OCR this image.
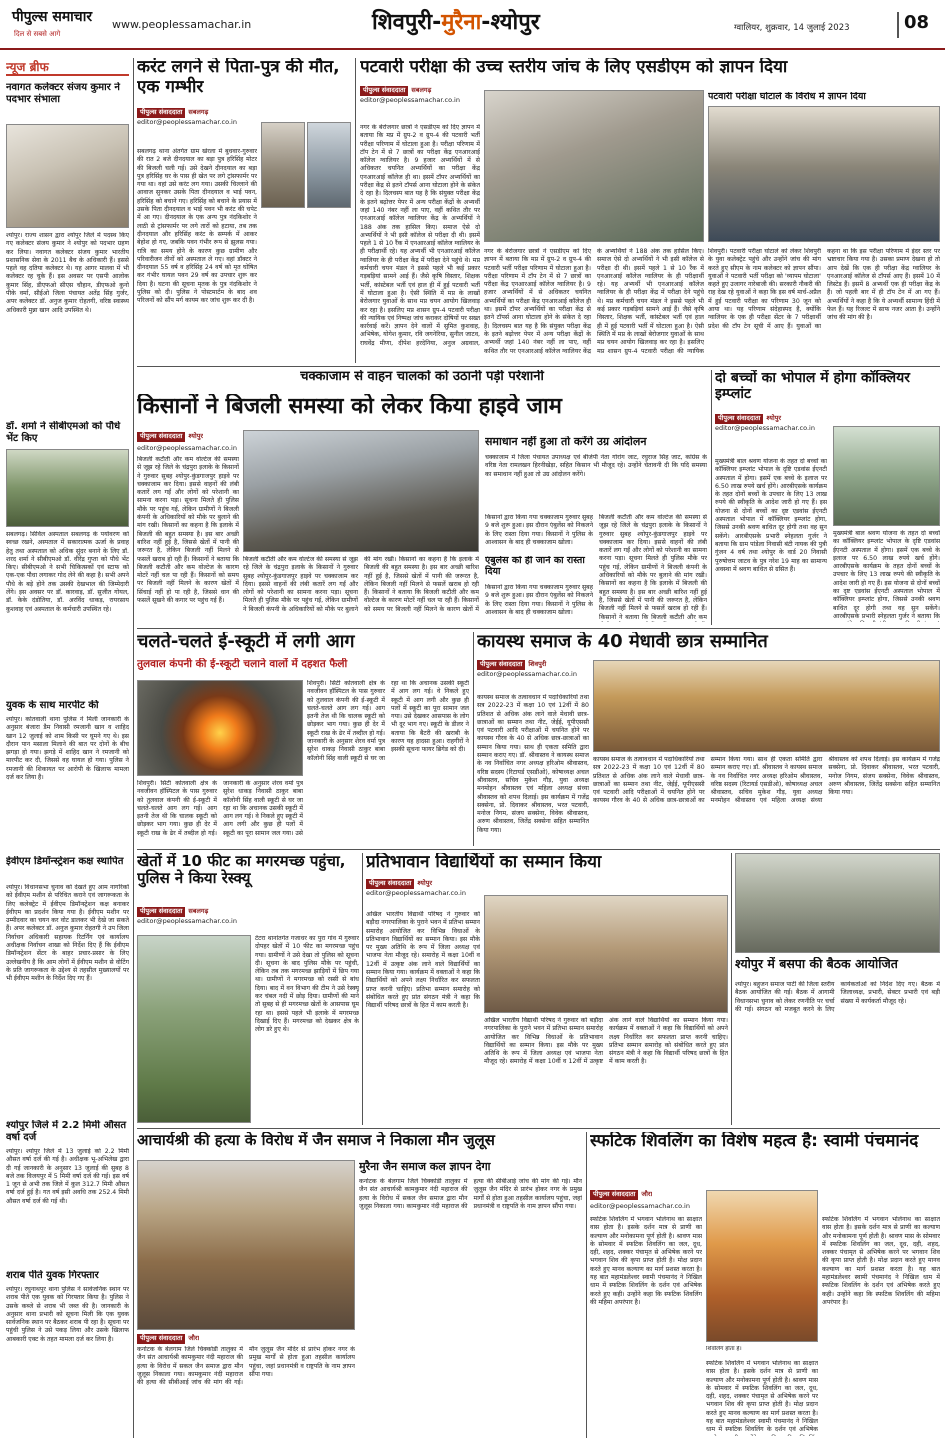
पीपुल्स समाचार
दिल से सबसे आगे
www.peoplessamachar.in	शिवपुरी-मुरैना-श्योपुर	ग्वालियर, शुक्रवार, 14 जुलाई 2023	08
न्यूज ब्रीफ
नवागत कलेक्टर संजय कुमार ने पदभार संभाला
श्योपुर। राज्य शासन द्वारा श्योपुर जिले में पदस्थ किए गए कलेक्टर संजय कुमार ने श्योपुर को पदभार ग्रहण कर लिया। नवागत कलेक्टर संजय कुमार भारतीय प्रशासनिक सेवा के 2011 बैच के अधिकारी हैं। इससे पहले वह दतिया कलेक्टर थे। यह आगर मालवा में भी कलेक्टर रह चुके हैं। इस अवसर पर एसपी आलोक कुमार सिंह, डीएफओ सीएस चौहान, डीएफओ कुनो पीके वर्मा, सीईओ जिला पंचायत अतेंद्र सिंह गुर्जर, अपर कलेक्टर डॉ. अनुज कुमार रोहतगी, वरिष्ठ स्वास्थ्य अधिकारी मुन्ना खान आदि उपस्थित थे।
डॉ. शर्मा ने सीबीएमओ को पौधे भेंट किए
सबलगढ़। सिविल अस्पताल सबलगढ़ के पर्यावरण को स्वच्छ रखने, अस्पताल में सकारात्मक ऊर्जा के प्रवाह हेतु तथा अस्पताल को अधिक सुंदर बनाने के लिए डॉ. शरद शर्मा ने सीबीएमओ डॉ. वीरेंद्र गुप्ता को पौधे भेंट किए। सीबीएमओ ने सभी चिकित्सकों एवं स्टाफ को एक-एक पौधा लगाकर गोद लेने की कहा है। सभी अपने पौधे के बड़े होने तक उसकी देखभाल की जिम्मेदारी लेंगे। इस अवसर पर डॉ. कारवाइ, डॉ. सुजीत गोयल, डॉ. केके दंडोतिया, डॉ. अरविंद धाकड़, रायरसाय कुशवाह एवं अस्पताल के कर्मचारी उपस्थित रहे।
युवक के साथ मारपीट की
श्योपुर। कोतवाली थाना पुलिस ने मिली जानकारी के अनुसार बंजारा डैम निवासी रमजानी खान व शाहिद खान 12 जुलाई को शाम किसी पर घूमने गए थे। इस दौरान पान मसाला मिलाने की बात पर दोनों के बीच झगड़ा हो गया। झगड़े में शाहिद खान ने रमजानी को मारपीट कर दी, जिससे वह घायल हो गया। पुलिस ने रमजानी की शिकायत पर आरोपी के खिलाफ मामला दर्ज कर लिया है।
ईवीएम डिमॉन्स्ट्रेशन कक्ष स्थापित
श्योपुर। विधानसभा चुनाव को देखते हुए आम नागरिकों को ईवीएम मशीन से परिचित कराने एवं जागरूकता के लिए कलेक्ट्रेट में ईवीएम डिमॉन्स्ट्रेशन कक्ष बनाकर ईवीएम का प्रदर्शन किया गया है। ईवीएम मशीन पर उम्मीदवार का चयन कर वोट डालकर भी देखे जा सकते हैं। अपर कलेक्टर डॉ. अनुज कुमार रोहतगी ने उप जिला निर्वाचन अधिकारी सहायक रिटर्निंग एवं कार्यालय अधीक्षक निर्वाचन शाखा को निर्देश दिए हैं कि ईवीएम डिमॉन्स्ट्रेशन सेंटर के बाहर प्रचार-प्रसार के लिए उल्लेखनीय है कि आम लोगों में ईवीएम मशीन से वोटिंग के प्रति जागरूकता के उद्देश्य से तहसील मुख्यालयों पर भी ईवीएम मशीन के निर्देश दिए गए हैं।
श्योपुर जिले में 2.2 मिमी औसत वर्षा दर्ज
श्योपुर। श्योपुर जिले में 13 जुलाई को 2.2 मिमी औसत वर्षा दर्ज की गई है। अधीक्षक भू-अभिलेख द्वारा दी गई जानकारी के अनुसार 13 जुलाई की सुबह 8 बजे तक विजयपुर में 5 मिमी वर्षा दर्ज की गई। इस वर्ष 1 जून से अभी तक जिले में कुल 312.7 मिमी औसत वर्षा दर्ज हुई है। गत वर्ष इसी अवधि तक 252.4 मिमी औसत वर्षा दर्ज की गई थी।
शराब पीते युवक गिरफ्तार
श्योपुर। रघुनाथपुर थाना पुलिस ने सार्वजनिक स्थान पर शराब पीते एक युवक को गिरफ्तार किया है। पुलिस ने उसके कब्जे से शराब भी जब्त की है। जानकारी के अनुसार थाना प्रभारी को सूचना मिली कि एक युवक सार्वजनिक स्थान पर बैठकर शराब पी रहा है। सूचना पर पहुंची पुलिस ने उसे पकड़ लिया और उसके खिलाफ आबकारी एक्ट के तहत मामला दर्ज कर लिया है।
करंट लगने से पिता-पुत्र की मौत, एक गम्भीर
पीपुल्स संवाददाता सबलगढ़
editor@peoplessamachar.co.in
सबलगढ़ थाना अंतर्गत ग्राम खेरला में बुधवार-गुरुवार की रात 2 बजे दीनदयाल का बड़ा पुत्र हरिसिंह मोटर की बिजली चली गई। उसे देखने दीनदयाल का बड़ा पुत्र हरिसिंह घर के पास ही खेत पर लगे ट्रांसफार्मर पर गया था। वहां उसे करंट लग गया। उसकी चिल्लाने की आवाज सुनकर उसके पिता दीनदयाल व भाई पवन, हरिसिंह को बचाने गए। हरिसिंह को बचाने के प्रयास में उसके पिता दीनदयाल व भाई पवन भी करंट की चपेट में आ गए। दीनदयाल के एक अन्य पुत्र नंदकिशोर ने लाठी से ट्रांसफार्मर पर लगे तारों को हटाया, तब तक दीनदयाल और हरिसिंह करंट के सम्पर्क में आकर बेहोश हो गए, जबकि पवन गंभीर रूप से झुलस गया। रात्रि का समय होने के कारण कुछ ग्रामीण और परिवारीजन तीनों को अस्पताल ले गए। वहां डॉक्टर ने दीनदयाल 55 वर्ष व हरिसिंह 24 वर्ष को मृत घोषित कर गंभीर घायल पवन 29 वर्ष का उपचार शुरू कर दिया है। घटना की सूचना मृतक के पुत्र नंदकिशोर ने पुलिस को दी। पुलिस ने पोस्टमार्टम के बाद शव परिजनों को सौंप मर्ग कायम कर जांच शुरू कर दी है।
पटवारी परीक्षा की उच्च स्तरीय जांच के लिए एसडीएम को ज्ञापन दिया
पीपुल्स संवाददाता सबलगढ़
editor@peoplessamachar.co.in
नगर के बेरोजगार छात्रों ने एसडीएम को दिए ज्ञापन में बताया कि मप्र में ग्रुप-2 व ग्रुप-4 की पटवारी भर्ती परीक्षा परिणाम में घोटाला हुआ है। परीक्षा परिणाम में टॉप टेन में से 7 छात्रों का परीक्षा केंद्र एनआरआई कॉलेज ग्वालियर है। 9 हजार अभ्यर्थियों में से अधिकतर चयनित अभ्यर्थियों का परीक्षा केंद्र एनआरआई कॉलेज ही था। इसमें टॉपर अभ्यर्थियों का परीक्षा केंद्र से इतने टॉपर्स आना घोटाला होने के संकेत दे रहा है। दिलचस्प बात यह है कि संयुक्त परीक्षा केंद्र के इतने बढ़ोत्तर पेपर में अन्य परीक्षा केंद्रों के अभ्यर्थी जहां 140 नंबर नहीं ला पाए, वहीं कथित तौर पर एनआरआई कॉलेज ग्वालियर केंद्र के अभ्यर्थियों ने 188 अंक तक हासिल किए। समाज ऐसे दो अभ्यर्थियों ने भी इसी कॉलेज से परीक्षा दी थी। इसमें पहले 1 से 10 रैंक में एनआरआई कॉलेज ग्वालियर के ही परीक्षार्थी रहे। यह अभ्यर्थी भी एनआरआई कॉलेज ग्वालियर के ही परीक्षा केंद्र में परीक्षा देने पहुंचे थे। मप्र कर्मचारी चयन मंडल ने इससे पहले भी कई प्रकार गड़बड़ियां सामने आई हैं। जैसे कृषि विस्तार, शिक्षक भर्ती, कांस्टेबल भर्ती एवं हाल ही में हुई पटवारी भर्ती में घोटाला हुआ है। ऐसी स्थिति में मप्र के लाखों बेरोजगार युवाओं के साथ मप्र चयन आयोग खिलवाड़ कर रहा है। इसलिए मप्र शासन ग्रुप-4 पटवारी परीक्षा की न्यायिक एवं निष्पक्ष जांच कराकर दोषियों पर सख्त कार्रवाई करें। ज्ञापन देने वालों में सुमित कुशवाह, अभिषेक, योगेश कुमार, रवि जगनेरिया, सुनील जाटव, राघवेंद्र मीणा, दीपेश हरदेनिया, अनुज अग्रवाल,
नगर के बेरोजगार छात्रों ने एसडीएम को दिए ज्ञापन में बताया कि मप्र में ग्रुप-2 व ग्रुप-4 की पटवारी भर्ती परीक्षा परिणाम में घोटाला हुआ है। परीक्षा परिणाम में टॉप टेन में से 7 छात्रों का परीक्षा केंद्र एनआरआई कॉलेज ग्वालियर है। 9 हजार अभ्यर्थियों में से अधिकतर चयनित अभ्यर्थियों का परीक्षा केंद्र एनआरआई कॉलेज ही था। इसमें टॉपर अभ्यर्थियों का परीक्षा केंद्र से इतने टॉपर्स आना घोटाला होने के संकेत दे रहा है। दिलचस्प बात यह है कि संयुक्त परीक्षा केंद्र के इतने बढ़ोत्तर पेपर में अन्य परीक्षा केंद्रों के अभ्यर्थी जहां 140 नंबर नहीं ला पाए, वहीं कथित तौर पर एनआरआई कॉलेज ग्वालियर केंद्र के अभ्यर्थियों ने 188 अंक तक हासिल किए। समाज ऐसे दो अभ्यर्थियों ने भी इसी कॉलेज से परीक्षा दी थी। इसमें पहले 1 से 10 रैंक में एनआरआई कॉलेज ग्वालियर के ही परीक्षार्थी रहे। यह अभ्यर्थी भी एनआरआई कॉलेज ग्वालियर के ही परीक्षा केंद्र में परीक्षा देने पहुंचे थे। मप्र कर्मचारी चयन मंडल ने इससे पहले भी कई प्रकार गड़बड़ियां सामने आई हैं। जैसे कृषि विस्तार, शिक्षक भर्ती, कांस्टेबल भर्ती एवं हाल ही में हुई पटवारी भर्ती में घोटाला हुआ है। ऐसी स्थिति में मप्र के लाखों बेरोजगार युवाओं के साथ मप्र चयन आयोग खिलवाड़ कर रहा है। इसलिए मप्र शासन ग्रुप-4 पटवारी परीक्षा की न्यायिक
पटवारी परीक्षा घोटाले के विरोध में ज्ञापन दिया
शिवपुरी। पटवारी परीक्षा घोटाले को लेकर शिवपुरी के युवा कलेक्ट्रेट पहुंचे और उन्होंने जांच की मांग करते हुए सीएम के नाम कलेक्टर को ज्ञापन सौंपा। युवाओं ने पटवारी भर्ती परीक्षा को 'व्यापम घोटाला' कहते हुए उजागर नारेबाजी की। सरकारी नौकरी की राह देख रहे युवाओं ने कहा कि इस वर्ष मार्च-अप्रैल में हुई पटवारी परीक्षा का परिणाम 30 जून को आया था। यह परिणाम संदेहास्पद है, क्योंकि ग्वालियर के एक ही परीक्षा सेंटर के 7 परीक्षार्थी प्रदेश की टॉप टेन सूची में आए हैं। युवाओं का कहना था कि इस परीक्षा परिणाम में इंदर स्तर पर भ्रष्टाचार किया गया है। उसका प्रमाण देखना हो तो आप देखें कि एक ही परीक्षा केंद्र ग्वालियर के एनआरआई कॉलेज से टॉपर्स आए हैं। इसमें 10 में लिस्टेड हैं। इसमें 8 अभ्यर्थी एक ही परीक्षा केंद्र के हैं। जो पहली बार में ही टॉप टेन में आ गए हैं। अभ्यर्थियों ने कहा है कि ये अभ्यर्थी सामान्य हिंदी में फेल हैं। यह रिजल्ट में साफ नजर आता है। उन्होंने जांच की मांग की है।
चक्काजाम से वाहन चालकों को उठानी पड़ी परेशानी
किसानों ने बिजली समस्या को लेकर किया हाइवे जाम
पीपुल्स संवाददाता श्योपुर
editor@peoplessamachar.co.in
बिजली कटौती और कम वोल्टेज की समस्या से जूझ रहे जिले के चंद्रपुरा इलाके के किसानों ने गुरुवार सुबह श्योपुर-कुंडगाजपुर हाइवे पर चक्काजाम कर दिया। इससे वाहनों की लंबी कतारें लग गईं और लोगों को परेशानी का सामना करना पड़ा। सूचना मिलते ही पुलिस मौके पर पहुंच गई, लेकिन ग्रामीणों ने बिजली कंपनी के अधिकारियों को मौके पर बुलाने की मांग रखी। किसानों का कहना है कि इलाके में बिजली की बहुत समस्या है। इस बार अच्छी बारिश नहीं हुई है, जिससे खेतों में पानी की जरूरत है, लेकिन बिजली नहीं मिलने से फसलें खराब हो रही हैं। किसानों ने बताया कि बिजली कटौती और कम वोल्टेज के कारण मोटरें नहीं चल पा रही हैं। किसानों को समय पर बिजली नहीं मिलने के कारण खेतों में सिंचाई नहीं हो पा रही है, जिससे धान की फसलें सूखने की कगार पर पहुंच गई हैं।
बिजली कटौती और कम वोल्टेज की समस्या से जूझ रहे जिले के चंद्रपुरा इलाके के किसानों ने गुरुवार सुबह श्योपुर-कुंडगाजपुर हाइवे पर चक्काजाम कर दिया। इससे वाहनों की लंबी कतारें लग गईं और लोगों को परेशानी का सामना करना पड़ा। सूचना मिलते ही पुलिस मौके पर पहुंच गई, लेकिन ग्रामीणों ने बिजली कंपनी के अधिकारियों को मौके पर बुलाने की मांग रखी। किसानों का कहना है कि इलाके में बिजली की बहुत समस्या है। इस बार अच्छी बारिश नहीं हुई है, जिससे खेतों में पानी की जरूरत है, लेकिन बिजली नहीं मिलने से फसलें खराब हो रही हैं। किसानों ने बताया कि बिजली कटौती और कम वोल्टेज के कारण मोटरें नहीं चल पा रही हैं। किसानों को समय पर बिजली नहीं मिलने के कारण खेतों में
समाधान नहीं हुआ तो करेंगे उग्र आंदोलन
चक्काजाम में जिला पंचायत उपाध्यक्ष एवं बीजेपी नेता गोरांग जाट, रघुराज सिंह जाट, कांग्रेस के वरिष्ठ नेता रामलखन हिरनीखेड़ा, सहित किसान भी मौजूद रहे। उन्होंने चेतावनी दी कि यदि समस्या का समाधान नहीं हुआ तो उग्र आंदोलन करेंगे।
किसानों द्वारा किया गया चक्काजाम गुरुवार सुबह 9 बजे शुरू हुआ। इस दौरान एंबुलेंस को निकलने के लिए रास्ता दिया गया। किसानों ने पुलिस के आश्वासन के बाद ही चक्काजाम खोला।
एंबुलेंस को ही जाने का रास्ता दिया
किसानों द्वारा किया गया चक्काजाम गुरुवार सुबह 9 बजे शुरू हुआ। इस दौरान एंबुलेंस को निकलने के लिए रास्ता दिया गया। किसानों ने पुलिस के आश्वासन के बाद ही चक्काजाम खोला।
बिजली कटौती और कम वोल्टेज की समस्या से जूझ रहे जिले के चंद्रपुरा इलाके के किसानों ने गुरुवार सुबह श्योपुर-कुंडगाजपुर हाइवे पर चक्काजाम कर दिया। इससे वाहनों की लंबी कतारें लग गईं और लोगों को परेशानी का सामना करना पड़ा। सूचना मिलते ही पुलिस मौके पर पहुंच गई, लेकिन ग्रामीणों ने बिजली कंपनी के अधिकारियों को मौके पर बुलाने की मांग रखी। किसानों का कहना है कि इलाके में बिजली की बहुत समस्या है। इस बार अच्छी बारिश नहीं हुई है, जिससे खेतों में पानी की जरूरत है, लेकिन बिजली नहीं मिलने से फसलें खराब हो रही हैं। किसानों ने बताया कि बिजली कटौती और कम
दो बच्चों का भोपाल में होगा कॉक्लियर इम्प्लांट
पीपुल्स संवाददाता श्योपुर
editor@peoplessamachar.co.in
मुख्यमंत्री बाल श्रवण योजना के तहत दो बच्चों का कॉक्लियर इम्प्लांट भोपाल के दृष्टि एडवांस ईएनटी अस्पताल में होगा। इसमें एक बच्चे के इलाज पर 6.50 लाख रुपये खर्च होंगे। आरबीएसके कार्यक्रम के तहत दोनों बच्चों के उपचार के लिए 13 लाख रुपये की स्वीकृति के आदेश जारी हो गए हैं। इस योजना से दोनों बच्चों का दृष्ट एडवांस ईएनटी अस्पताल भोपाल में कॉक्लियर इम्प्लांट होगा, जिससे उनकी श्रवण बाधित दूर होगी तथा वह सुन सकेंगे। आरबीएसके प्रभारी स्नेहलता गुर्जर ने बताया कि ग्राम पांडेला निवासी बंटी नायक की पुत्री गुंजन 4 वर्ष तथा श्योपुर के वार्ड 20 निवासी पुरुषोत्तम जाटव के पुत्र नरेश 19 माह का सामान्य अवस्था में श्रवण बाधित से ग्रसित हैं।
मुख्यमंत्री बाल श्रवण योजना के तहत दो बच्चों का कॉक्लियर इम्प्लांट भोपाल के दृष्टि एडवांस ईएनटी अस्पताल में होगा। इसमें एक बच्चे के इलाज पर 6.50 लाख रुपये खर्च होंगे। आरबीएसके कार्यक्रम के तहत दोनों बच्चों के उपचार के लिए 13 लाख रुपये की स्वीकृति के आदेश जारी हो गए हैं। इस योजना से दोनों बच्चों का दृष्ट एडवांस ईएनटी अस्पताल भोपाल में कॉक्लियर इम्प्लांट होगा, जिससे उनकी श्रवण बाधित दूर होगी तथा वह सुन सकेंगे। आरबीएसके प्रभारी स्नेहलता गुर्जर ने बताया कि
चलते-चलते ई-स्कूटी में लगी आग
तुलवाल कंपनी की ई-स्कूटी चलाने वालों में दहशत फैली
शिवपुरी। सिटी कोतवाली क्षेत्र के नवजीवन हॉस्पिटल के पास गुरुवार को तुलवाल कंपनी की ई-स्कूटी में चलते-चलते आग लग गई। आग इतनी तेज थी कि चालक स्कूटी को छोड़कर भाग गया। कुछ ही देर में स्कूटी राख के ढेर में तब्दील हो गई। जानकारी के अनुसार शेरव वर्मा पुत्र सुरेश धाकड़ निवासी ठाकुर बाबा कॉलोनी सिंह वाली स्कूटी से घर जा रहा था कि अचानक उसकी स्कूटी में आग लग गई। वे निकले हुए स्कूटी में आग लगी और कुछ ही पलों में स्कूटी का पूरा सामान जल गया। उसे देखकर आसपास के लोग भी दूर भाग गए। स्कूटी के डीलर ने बताया कि बैटरी की खराबी के कारण यह हादसा हुआ। राहगीरों ने इसकी सूचना फायर ब्रिगेड को दी।
शिवपुरी। सिटी कोतवाली क्षेत्र के नवजीवन हॉस्पिटल के पास गुरुवार को तुलवाल कंपनी की ई-स्कूटी में चलते-चलते आग लग गई। आग इतनी तेज थी कि चालक स्कूटी को छोड़कर भाग गया। कुछ ही देर में स्कूटी राख के ढेर में तब्दील हो गई। जानकारी के अनुसार शेरव वर्मा पुत्र सुरेश धाकड़ निवासी ठाकुर बाबा कॉलोनी सिंह वाली स्कूटी से घर जा रहा था कि अचानक उसकी स्कूटी में आग लग गई। वे निकले हुए स्कूटी में आग लगी और कुछ ही पलों में स्कूटी का पूरा सामान जल गया। उसे
कायस्थ समाज के 40 मेधावी छात्र सम्मानित
पीपुल्स संवाददाता शिवपुरी
editor@peoplessamachar.co.in
कायस्थ समाज के तत्वावधान में पदाधिकारियों तथा सत्र 2022-23 में कक्षा 10 एवं 12वीं में 80 प्रतिशत से अधिक अंक लाने वाले मेधावी छात्र-छात्राओं का सम्मान तथा नीट, जेईई, यूपीएससी एवं पटवारी आदि परीक्षाओं में चयनित होने पर कायस्थ गौरव के 40 से अधिक छात्र-छात्राओं का सम्मान किया गया। साथ ही एकता समिति द्वारा सम्मान कराए गए। डॉ. श्रीवास्तव ने कायस्थ समाज के नव निर्वाचित नगर अध्यक्ष हरिओम श्रीवास्तव, वरिष्ठ सदस्य (रिटायर्ड एसडीओ), कोषाध्यक्ष अचल श्रीवास्तव, सचिव मुकेश गौड़, युवा अध्यक्ष मनमोहन श्रीवास्तव एवं महिला अध्यक्ष संध्या श्रीवास्तव को शपथ दिलाई। इस कार्यक्रम में गजेंद्र सक्सेना, प्रो. दिवाकर श्रीवास्तव, भरत पटवारी, मनोज निगम, संजय सक्सेना, विवेक श्रीवास्तव, अरुण श्रीवास्तव, जितेंद्र सक्सेना सहित सम्मानित किया गया।
कायस्थ समाज के तत्वावधान में पदाधिकारियों तथा सत्र 2022-23 में कक्षा 10 एवं 12वीं में 80 प्रतिशत से अधिक अंक लाने वाले मेधावी छात्र-छात्राओं का सम्मान तथा नीट, जेईई, यूपीएससी एवं पटवारी आदि परीक्षाओं में चयनित होने पर कायस्थ गौरव के 40 से अधिक छात्र-छात्राओं का सम्मान किया गया। साथ ही एकता समिति द्वारा सम्मान कराए गए। डॉ. श्रीवास्तव ने कायस्थ समाज के नव निर्वाचित नगर अध्यक्ष हरिओम श्रीवास्तव, वरिष्ठ सदस्य (रिटायर्ड एसडीओ), कोषाध्यक्ष अचल श्रीवास्तव, सचिव मुकेश गौड़, युवा अध्यक्ष मनमोहन श्रीवास्तव एवं महिला अध्यक्ष संध्या श्रीवास्तव को शपथ दिलाई। इस कार्यक्रम में गजेंद्र सक्सेना, प्रो. दिवाकर श्रीवास्तव, भरत पटवारी, मनोज निगम, संजय सक्सेना, विवेक श्रीवास्तव, अरुण श्रीवास्तव, जितेंद्र सक्सेना सहित सम्मानित किया गया।
खेतों में 10 फीट का मगरमच्छ पहुंचा, पुलिस ने किया रेस्क्यू
पीपुल्स संवाददाता सबलगढ़
editor@peoplessamachar.co.in
टेंटरा थानांतर्गत गजाधर का पुरा गांव में गुरुवार दोपहर खेतों में 10 फीट का मगरमच्छ पहुंच गया। ग्रामीणों ने उसे देखा तो पुलिस को सूचना दी। सूचना के बाद पुलिस मौके पर पहुंची, लेकिन तब तक मगरमच्छ झाड़ियों में छिप गया था। ग्रामीणों ने मगरमच्छ को रस्सी से बांध दिया। बाद में वन विभाग की टीम ने उसे रेस्क्यू कर चंबल नदी में छोड़ दिया। ग्रामीणों की माने तो सुबह से ही मगरमच्छ खेतों के आसपास घूम रहा था। इससे पहले भी इलाके में मगरमच्छ दिखाई दिए हैं। मगरमच्छ को देखकर क्षेत्र के लोग डरे हुए थे।
प्रतिभावान विद्यार्थियों का सम्मान किया
पीपुल्स संवाददाता श्योपुर
editor@peoplessamachar.co.in
अखिल भारतीय विद्यार्थी परिषद ने गुरुवार को बड़ौदा नगरपालिका के पुराने भवन में प्रतिभा सम्मान समारोह आयोजित कर विभिन्न विधाओं के प्रतिभावान विद्यार्थियों का सम्मान किया। इस मौके पर मुख्य अतिथि के रूप में जिला अध्यक्ष एवं भाजपा नेता मौजूद रहे। समारोह में कक्षा 10वीं व 12वीं में उत्कृष्ट अंक लाने वाले विद्यार्थियों का सम्मान किया गया। कार्यक्रम में वक्ताओं ने कहा कि विद्यार्थियों को अपने लक्ष्य निर्धारित कर सफलता प्राप्त करनी चाहिए। प्रतिभा सम्मान समारोह को संबोधित करते हुए प्रांत संगठन मंत्री ने कहा कि विद्यार्थी परिषद छात्रों के हित में काम करती है।
अखिल भारतीय विद्यार्थी परिषद ने गुरुवार को बड़ौदा नगरपालिका के पुराने भवन में प्रतिभा सम्मान समारोह आयोजित कर विभिन्न विधाओं के प्रतिभावान विद्यार्थियों का सम्मान किया। इस मौके पर मुख्य अतिथि के रूप में जिला अध्यक्ष एवं भाजपा नेता मौजूद रहे। समारोह में कक्षा 10वीं व 12वीं में उत्कृष्ट अंक लाने वाले विद्यार्थियों का सम्मान किया गया। कार्यक्रम में वक्ताओं ने कहा कि विद्यार्थियों को अपने लक्ष्य निर्धारित कर सफलता प्राप्त करनी चाहिए। प्रतिभा सम्मान समारोह को संबोधित करते हुए प्रांत संगठन मंत्री ने कहा कि विद्यार्थी परिषद छात्रों के हित में काम करती है।
श्योपुर में बसपा की बैठक आयोजित
श्योपुर। बहुजन समाज पार्टी की जिला स्तरीय बैठक आयोजित की गई। बैठक में आगामी विधानसभा चुनाव को लेकर रणनीति पर चर्चा की गई। संगठन को मजबूत करने के लिए कार्यकर्ताओं को निर्देश दिए गए। बैठक में जिलाध्यक्ष, प्रभारी, सेक्टर प्रभारी एवं बड़ी संख्या में कार्यकर्ता मौजूद रहे।
आचार्यश्री की हत्या के विरोध में जैन समाज ने निकाला मौन जुलूस
मुरैना जैन समाज कल ज्ञापन देगा
पीपुल्स संवाददाता जौरा
कर्नाटक के बेलगाम जिले चिक्कोडी तालुका में जैन संत आचार्यश्री कामकुमार नंदी महाराज की हत्या के विरोध में सकल जैन समाज द्वारा मौन जुलूस निकाला गया। कामकुमार नंदी महाराज की हत्या की सीबीआई जांच की मांग की गई। मौन जुलूस जैन मंदिर से प्रारंभ होकर नगर के प्रमुख मार्गों से होता हुआ तहसील कार्यालय पहुंचा, जहां प्रधानमंत्री व राष्ट्रपति के नाम ज्ञापन सौंपा गया।
कर्नाटक के बेलगाम जिले चिक्कोडी तालुका में जैन संत आचार्यश्री कामकुमार नंदी महाराज की हत्या के विरोध में सकल जैन समाज द्वारा मौन जुलूस निकाला गया। कामकुमार नंदी महाराज की हत्या की सीबीआई जांच की मांग की गई। मौन जुलूस जैन मंदिर से प्रारंभ होकर नगर के प्रमुख मार्गों से होता हुआ तहसील कार्यालय पहुंचा, जहां प्रधानमंत्री व राष्ट्रपति के नाम ज्ञापन सौंपा गया।
स्फटिक शिवलिंग का विशेष महत्व है: स्वामी पंचमानंद
पीपुल्स संवाददाता जौरा
editor@peoplessamachar.co.in
स्फटिक शिवलिंग में भगवान भोलेनाथ का साक्षात वास होता है। इसके दर्शन मात्र से प्राणी का कल्याण और मनोकामना पूर्ण होती है। श्रावण मास के सोमवार में स्फटिक शिवलिंग का जल, दूध, दही, शहद, शक्कर पंचामृत से अभिषेक करने पर भगवान शिव की कृपा प्राप्त होती है। मोक्ष प्रदान करते हुए मानव कल्याण का मार्ग प्रशस्त करता है। यह बात महामंडलेश्वर स्वामी पंचमानंद ने निखिल धाम में स्फटिक शिवलिंग के दर्शन एवं अभिषेक करते हुए कही। उन्होंने कहा कि स्फटिक शिवलिंग की महिमा अपरंपार है।
शिवलिंग होता है।
स्फटिक शिवलिंग में भगवान भोलेनाथ का साक्षात वास होता है। इसके दर्शन मात्र से प्राणी का कल्याण और मनोकामना पूर्ण होती है। श्रावण मास के सोमवार में स्फटिक शिवलिंग का जल, दूध, दही, शहद, शक्कर पंचामृत से अभिषेक करने पर भगवान शिव की कृपा प्राप्त होती है। मोक्ष प्रदान करते हुए मानव कल्याण का मार्ग प्रशस्त करता है। यह बात महामंडलेश्वर स्वामी पंचमानंद ने निखिल धाम में स्फटिक शिवलिंग के दर्शन एवं अभिषेक
स्फटिक शिवलिंग में भगवान भोलेनाथ का साक्षात वास होता है। इसके दर्शन मात्र से प्राणी का कल्याण और मनोकामना पूर्ण होती है। श्रावण मास के सोमवार में स्फटिक शिवलिंग का जल, दूध, दही, शहद, शक्कर पंचामृत से अभिषेक करने पर भगवान शिव की कृपा प्राप्त होती है। मोक्ष प्रदान करते हुए मानव कल्याण का मार्ग प्रशस्त करता है। यह बात महामंडलेश्वर स्वामी पंचमानंद ने निखिल धाम में स्फटिक शिवलिंग के दर्शन एवं अभिषेक करते हुए कही। उन्होंने कहा कि स्फटिक शिवलिंग की महिमा अपरंपार है।
